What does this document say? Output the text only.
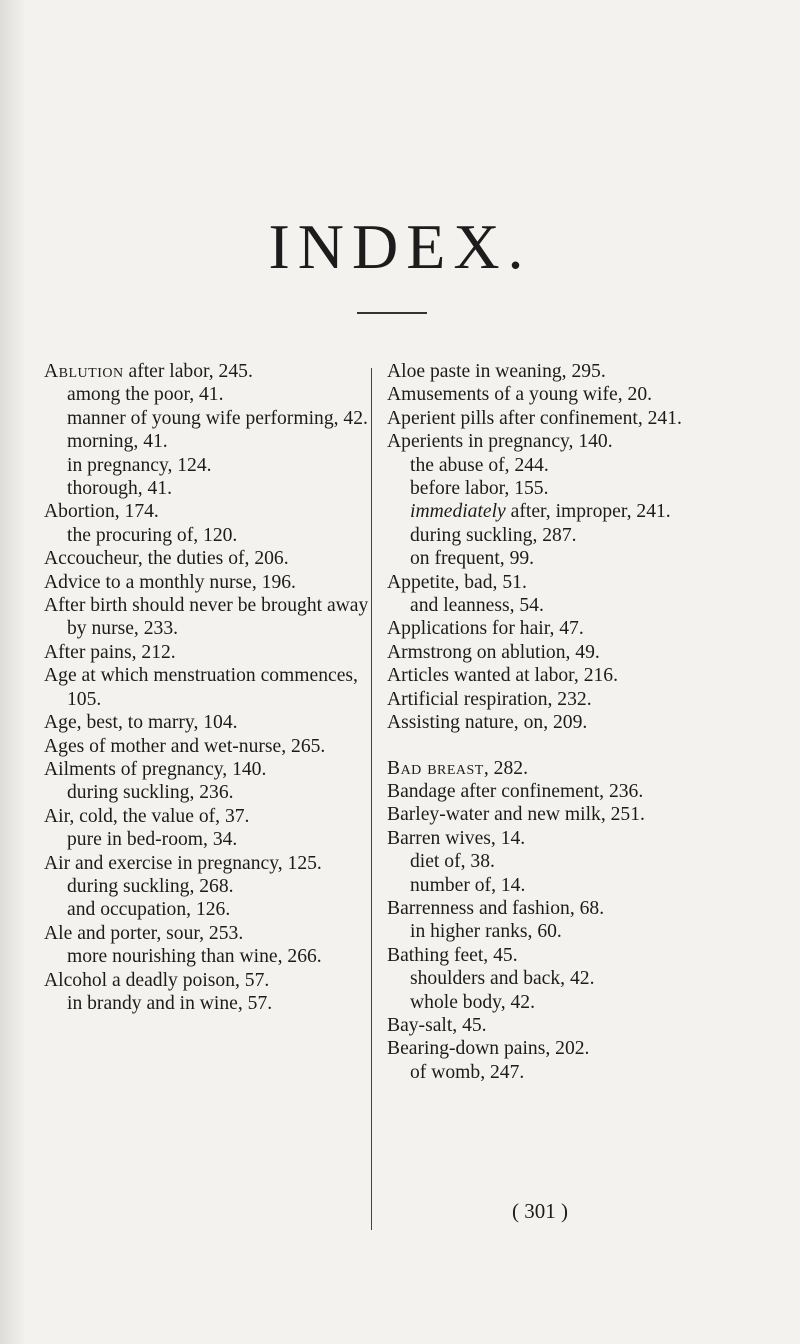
INDEX.
Ablution after labor, 245.
among the poor, 41.
manner of young wife performing, 42.
morning, 41.
in pregnancy, 124.
thorough, 41.
Abortion, 174.
the procuring of, 120.
Accoucheur, the duties of, 206.
Advice to a monthly nurse, 196.
After birth should never be brought away by nurse, 233.
After pains, 212.
Age at which menstruation commences, 105.
Age, best, to marry, 104.
Ages of mother and wet-nurse, 265.
Ailments of pregnancy, 140.
during suckling, 236.
Air, cold, the value of, 37.
pure in bed-room, 34.
Air and exercise in pregnancy, 125.
during suckling, 268.
and occupation, 126.
Ale and porter, sour, 253.
more nourishing than wine, 266.
Alcohol a deadly poison, 57.
in brandy and in wine, 57.
Aloe paste in weaning, 295.
Amusements of a young wife, 20.
Aperient pills after confinement, 241.
Aperients in pregnancy, 140.
the abuse of, 244.
before labor, 155.
immediately after, improper, 241.
during suckling, 287.
on frequent, 99.
Appetite, bad, 51.
and leanness, 54.
Applications for hair, 47.
Armstrong on ablution, 49.
Articles wanted at labor, 216.
Artificial respiration, 232.
Assisting nature, on, 209.
Bad breast, 282.
Bandage after confinement, 236.
Barley-water and new milk, 251.
Barren wives, 14.
diet of, 38.
number of, 14.
Barrenness and fashion, 68.
in higher ranks, 60.
Bathing feet, 45.
shoulders and back, 42.
whole body, 42.
Bay-salt, 45.
Bearing-down pains, 202.
of womb, 247.
( 301 )
